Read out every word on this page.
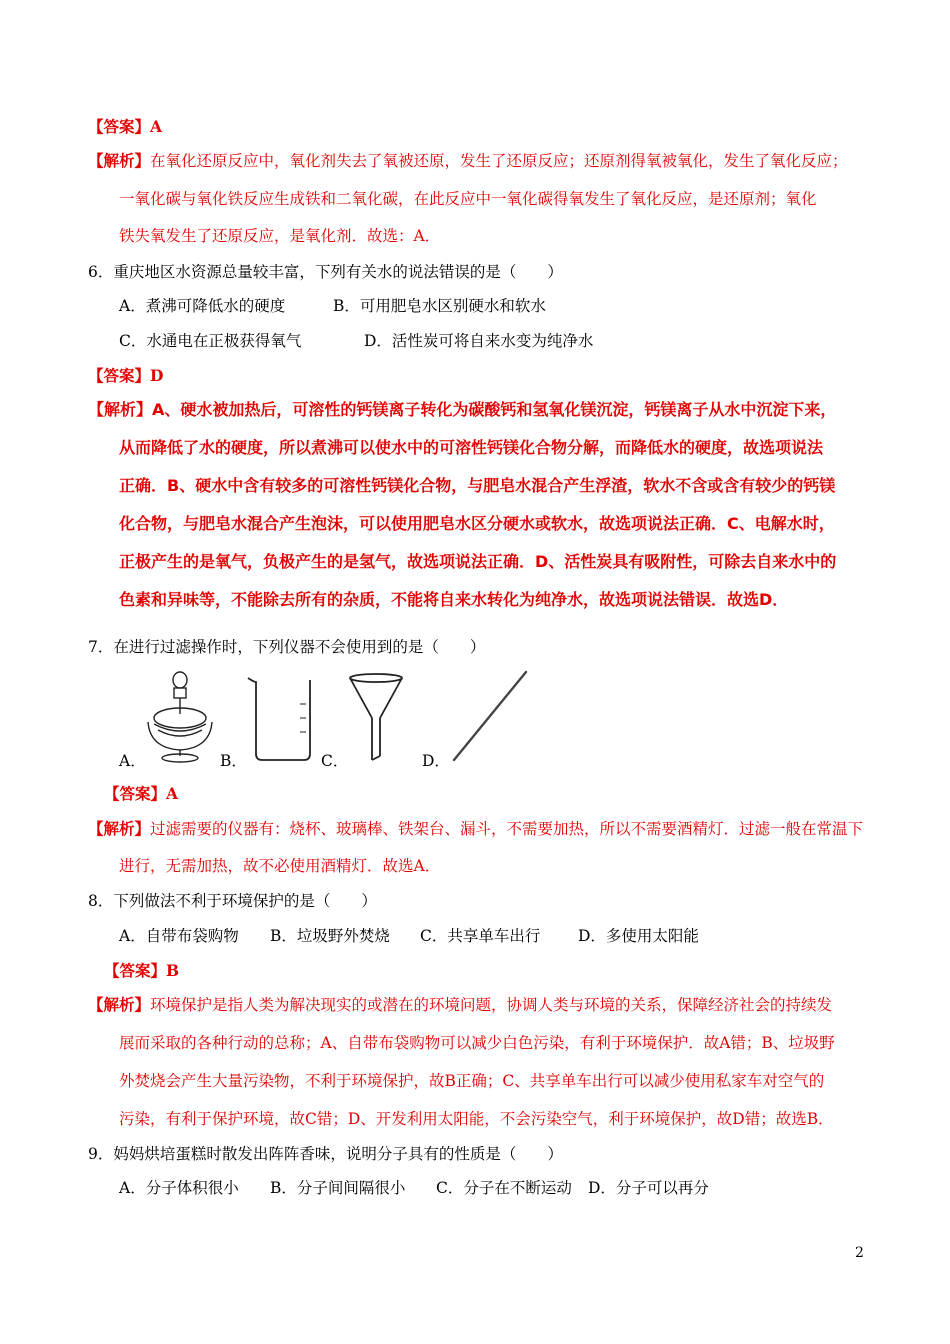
【答案】A
【解析】在氧化还原反应中，氧化剂失去了氧被还原，发生了还原反应；还原剂得氧被氧化，发生了氧化反应；
一氧化碳与氧化铁反应生成铁和二氧化碳，在此反应中一氧化碳得氧发生了氧化反应，是还原剂；氧化
铁失氧发生了还原反应，是氧化剂．故选：A．
6．重庆地区水资源总量较丰富，下列有关水的说法错误的是（　　）
A．煮沸可降低水的硬度	B．可用肥皂水区别硬水和软水
C．水通电在正极获得氧气	D．活性炭可将自来水变为纯净水
【答案】D
【解析】A、硬水被加热后，可溶性的钙镁离子转化为碳酸钙和氢氧化镁沉淀，钙镁离子从水中沉淀下来，
从而降低了水的硬度，所以煮沸可以使水中的可溶性钙镁化合物分解，而降低水的硬度，故选项说法
正确．B、硬水中含有较多的可溶性钙镁化合物，与肥皂水混合产生浮渣，软水不含或含有较少的钙镁
化合物，与肥皂水混合产生泡沫，可以使用肥皂水区分硬水或软水，故选项说法正确．C、电解水时，
正极产生的是氧气，负极产生的是氢气，故选项说法正确．D、活性炭具有吸附性，可除去自来水中的
色素和异味等，不能除去所有的杂质，不能将自来水转化为纯净水，故选项说法错误．故选D．
7．在进行过滤操作时，下列仪器不会使用到的是（　　）
A．	B．	C．	D．
【答案】A
【解析】过滤需要的仪器有：烧杯、玻璃棒、铁架台、漏斗，不需要加热，所以不需要酒精灯．过滤一般在常温下
进行，无需加热，故不必使用酒精灯．故选A．
8．下列做法不利于环境保护的是（　　）
A．自带布袋购物 B．垃圾野外焚烧 C．共享单车出行 D．多使用太阳能
【答案】B
【解析】环境保护是指人类为解决现实的或潜在的环境问题，协调人类与环境的关系，保障经济社会的持续发
展而采取的各种行动的总称；A、自带布袋购物可以减少白色污染，有利于环境保护．故A错；B、垃圾野
外焚烧会产生大量污染物，不利于环境保护，故B正确；C、共享单车出行可以减少使用私家车对空气的
污染，有利于保护环境，故C错；D、开发利用太阳能，不会污染空气，利于环境保护，故D错；故选B．
9．妈妈烘培蛋糕时散发出阵阵香味，说明分子具有的性质是（　　）
A．分子体积很小 B．分子间间隔很小 C．分子在不断运动 D．分子可以再分
2
